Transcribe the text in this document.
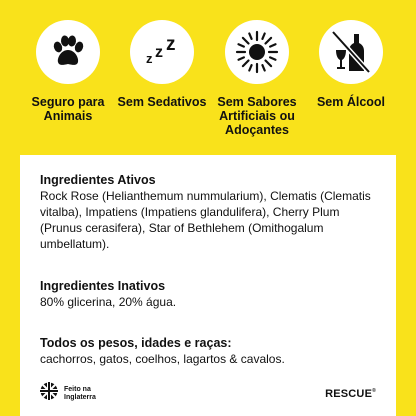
Seguro para Animais
z z z
Sem Sedativos Sem Sabores Artificiais ou Adoçantes
Sem Álcool
Ingredientes Ativos
Rock Rose (Helianthemum nummularium), Clematis (Clematis vitalba), Impatiens (Impatiens glandulifera), Cherry Plum (Prunus cerasifera), Star of Bethlehem (Omithogalum umbellatum).
Ingredientes Inativos
80% glicerina, 20% água.
Todos os pesos, idades e raças:
cachorros, gatos, coelhos, lagartos & cavalos.
Feito na Inglaterra	RESCUE®
